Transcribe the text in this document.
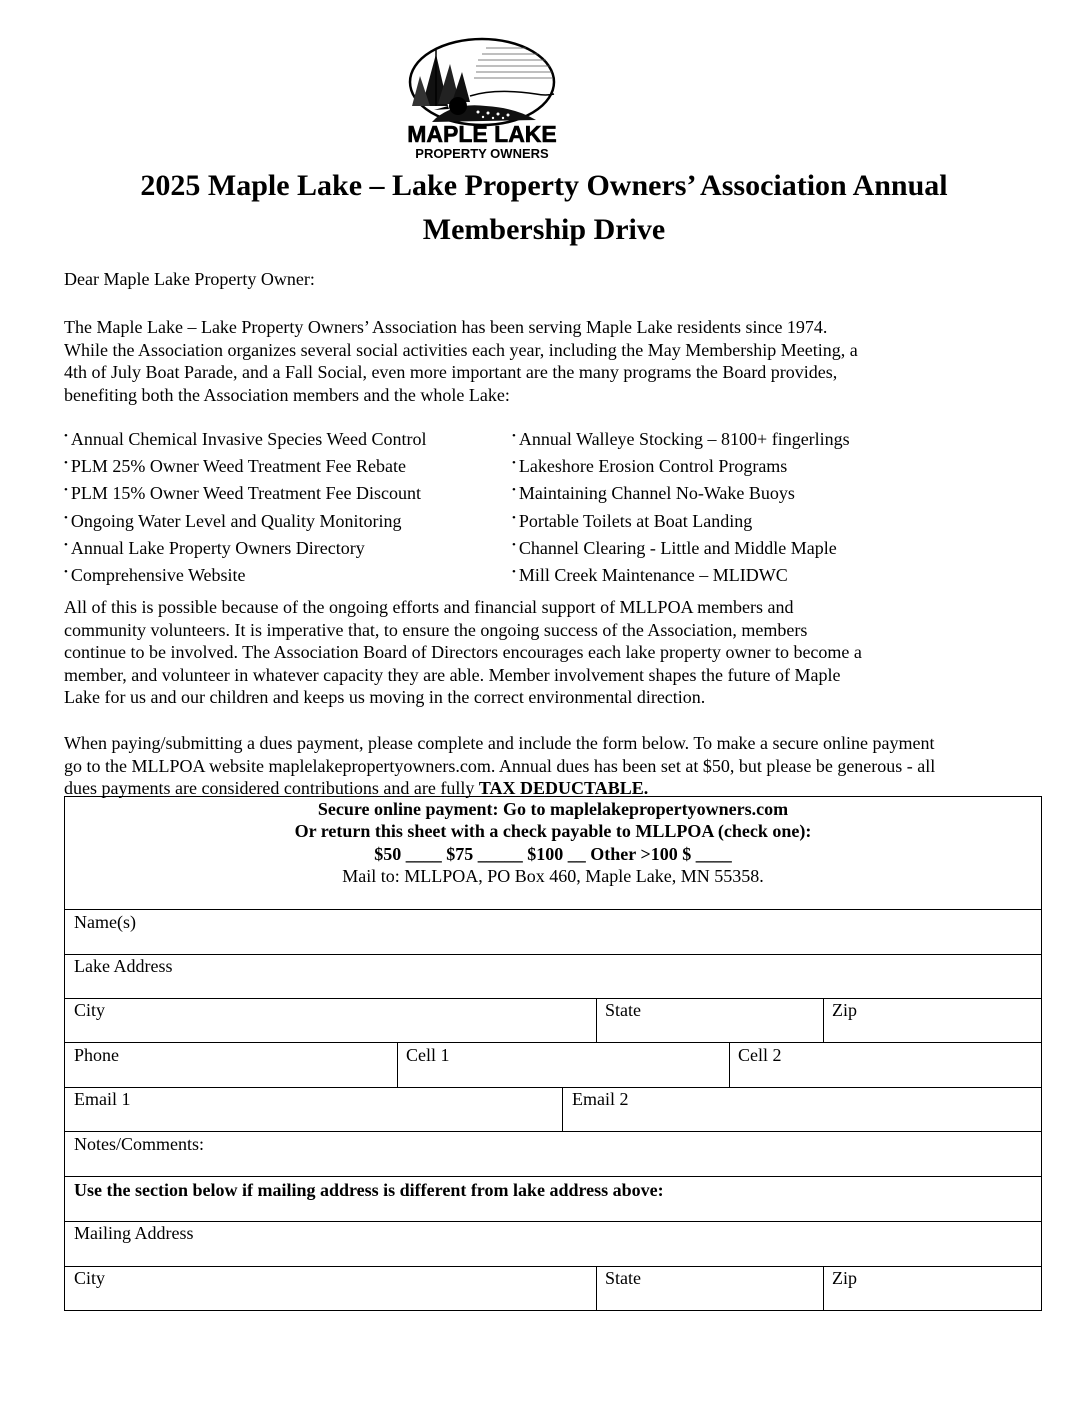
MAPLE LAKE
PROPERTY OWNERS
2025 Maple Lake – Lake Property Owners’ Association Annual
Membership Drive
Dear Maple Lake Property Owner:
The Maple Lake – Lake Property Owners’ Association has been serving Maple Lake residents since 1974.
While the Association organizes several social activities each year, including the May Membership Meeting, a
4th of July Boat Parade, and a Fall Social, even more important are the many programs the Board provides,
benefiting both the Association members and the whole Lake:
• Annual Chemical Invasive Species Weed Control
• PLM 25% Owner Weed Treatment Fee Rebate
• PLM 15% Owner Weed Treatment Fee Discount
• Ongoing Water Level and Quality Monitoring
• Annual Lake Property Owners Directory
• Comprehensive Website
• Annual Walleye Stocking – 8100+ fingerlings
• Lakeshore Erosion Control Programs
• Maintaining Channel No-Wake Buoys
• Portable Toilets at Boat Landing
• Channel Clearing - Little and Middle Maple
• Mill Creek Maintenance – MLIDWC
All of this is possible because of the ongoing efforts and financial support of MLLPOA members and
community volunteers. It is imperative that, to ensure the ongoing success of the Association, members
continue to be involved. The Association Board of Directors encourages each lake property owner to become a
member, and volunteer in whatever capacity they are able. Member involvement shapes the future of Maple
Lake for us and our children and keeps us moving in the correct environmental direction.
When paying/submitting a dues payment, please complete and include the form below. To make a secure online payment
go to the MLLPOA website maplelakepropertyowners.com. Annual dues has been set at $50, but please be generous - all
dues payments are considered contributions and are fully TAX DEDUCTABLE.
Secure online payment: Go to maplelakepropertyowners.com
Or return this sheet with a check payable to MLLPOA (check one):
$50 ____ $75 _____ $100 __ Other >100 $ ____
Mail to: MLLPOA, PO Box 460, Maple Lake, MN 55358.
Name(s)
Lake Address
City	State	Zip
Phone	Cell 1	Cell 2
Email 1	Email 2
Notes/Comments:
Use the section below if mailing address is different from lake address above:
Mailing Address
City	State	Zip
